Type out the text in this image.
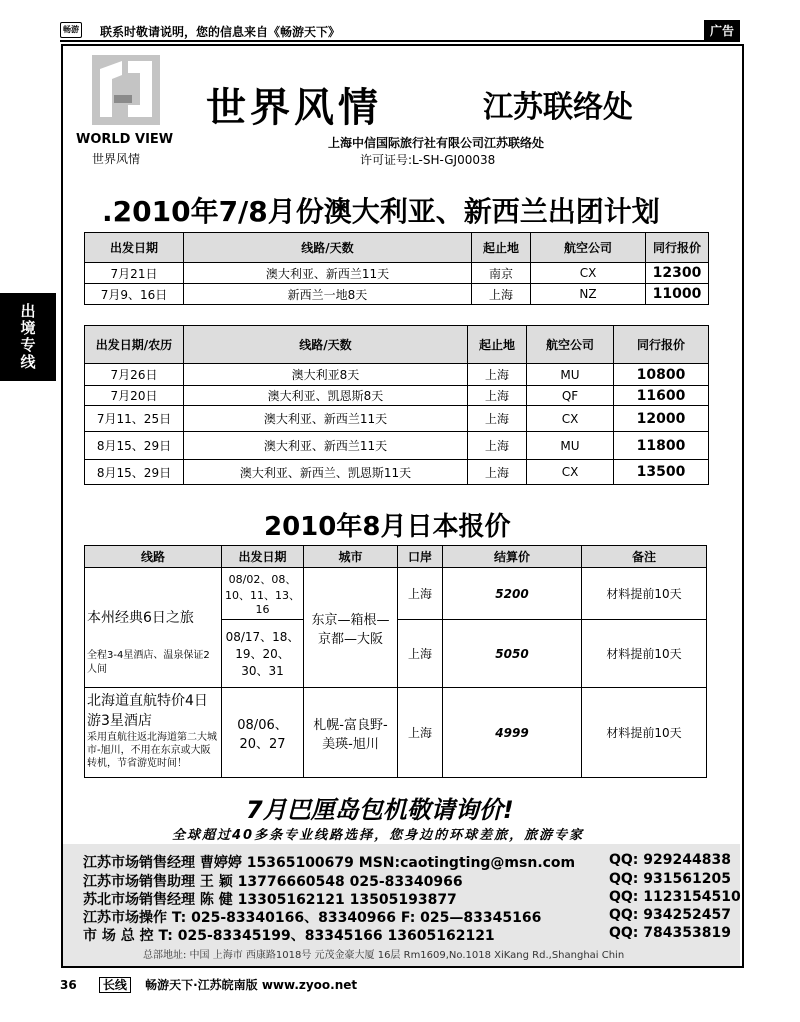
畅游 联系时敬请说明，您的信息来自《畅游天下》	广告
出境专线
WORLD VIEW
世界风情
世界风情	江苏联络处
上海中信国际旅行社有限公司江苏联络处
许可证号:L-SH-GJ00038
.2010年7/8月份澳大利亚、新西兰出团计划
出发日期	线路/天数	起止地	航空公司	同行报价
7月21日	澳大利亚、新西兰11天	南京	CX	12300
7月9、16日	新西兰一地8天	上海	NZ	11000
出发日期/农历	线路/天数	起止地	航空公司	同行报价
7月26日	澳大利亚8天	上海	MU	10800
7月20日	澳大利亚、凯恩斯8天	上海	QF	11600
7月11、25日	澳大利亚、新西兰11天	上海	CX	12000
8月15、29日	澳大利亚、新西兰11天	上海	MU	11800
8月15、29日	澳大利亚、新西兰、凯恩斯11天	上海	CX	13500
2010年8月日本报价
线路	出发日期	城市	口岸	结算价	备注

本州经典6日之旅
全程3-4星酒店、温泉保证2人间	08/02、08、10、11、13、16	东京—箱根—京都—大阪	上海	5200	材料提前10天
	08/17、18、19、20、30、31		上海	5050	材料提前10天

北海道直航特价4日游3星酒店
采用直航往返北海道第二大城市-旭川，不用在东京或大阪转机，节省游览时间！	08/06、20、27	札幌-富良野-美瑛-旭川	上海	4999	材料提前10天
7月巴厘岛包机敬请询价!
全球超过40多条专业线路选择，您身边的环球差旅，旅游专家
江苏市场销售经理 曹婷婷 15365100679 MSN:caotingting@msn.com QQ: 929244838
江苏市场销售助理 王 颖 13776660548 025-83340966	QQ: 931561205
苏北市场销售经理 陈 健 13305162121 13505193877	QQ: 1123154510
江苏市场操作 T: 025-83340166、83340966 F: 025—83345166	QQ: 934252457
市 场 总 控 T: 025-83345199、83345166 13605162121	QQ: 784353819
总部地址: 中国 上海市 西康路1018号 元茂金豪大厦 16层 Rm1609,No.1018 XiKang Rd.,Shanghai Chin
36 长线 畅游天下·江苏皖南版 www.zyoo.net
